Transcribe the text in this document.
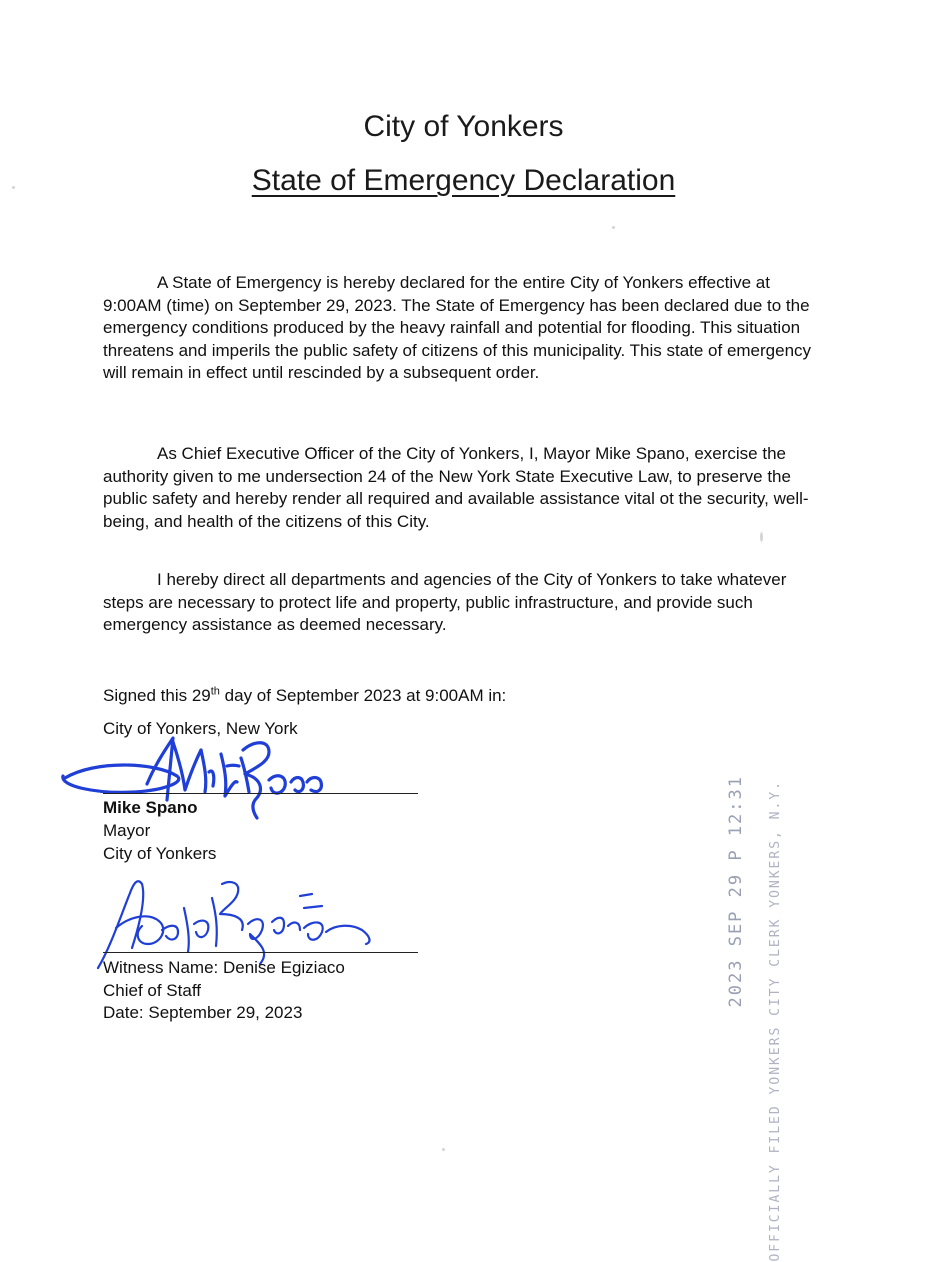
City of Yonkers
State of Emergency Declaration

A State of Emergency is hereby declared for the entire City of Yonkers effective at 9:00AM (time) on September 29, 2023. The State of Emergency has been declared due to the emergency conditions produced by the heavy rainfall and potential for flooding. This situation threatens and imperils the public safety of citizens of this municipality. This state of emergency will remain in effect until rescinded by a subsequent order.

As Chief Executive Officer of the City of Yonkers, I, Mayor Mike Spano, exercise the authority given to me undersection 24 of the New York State Executive Law, to preserve the public safety and hereby render all required and available assistance vital ot the security, well-being, and health of the citizens of this City.

I hereby direct all departments and agencies of the City of Yonkers to take whatever steps are necessary to protect life and property, public infrastructure, and provide such emergency assistance as deemed necessary.

Signed this 29th day of September 2023 at 9:00AM in:

City of Yonkers, New York

Mike Spano

Mayor

City of Yonkers

Witness Name: Denise Egiziaco

Chief of Staff

Date: September 29, 2023

2023 SEP 29 P 12:31 OFFICIALLY FILED YONKERS CITY CLERK YONKERS, N.Y.
